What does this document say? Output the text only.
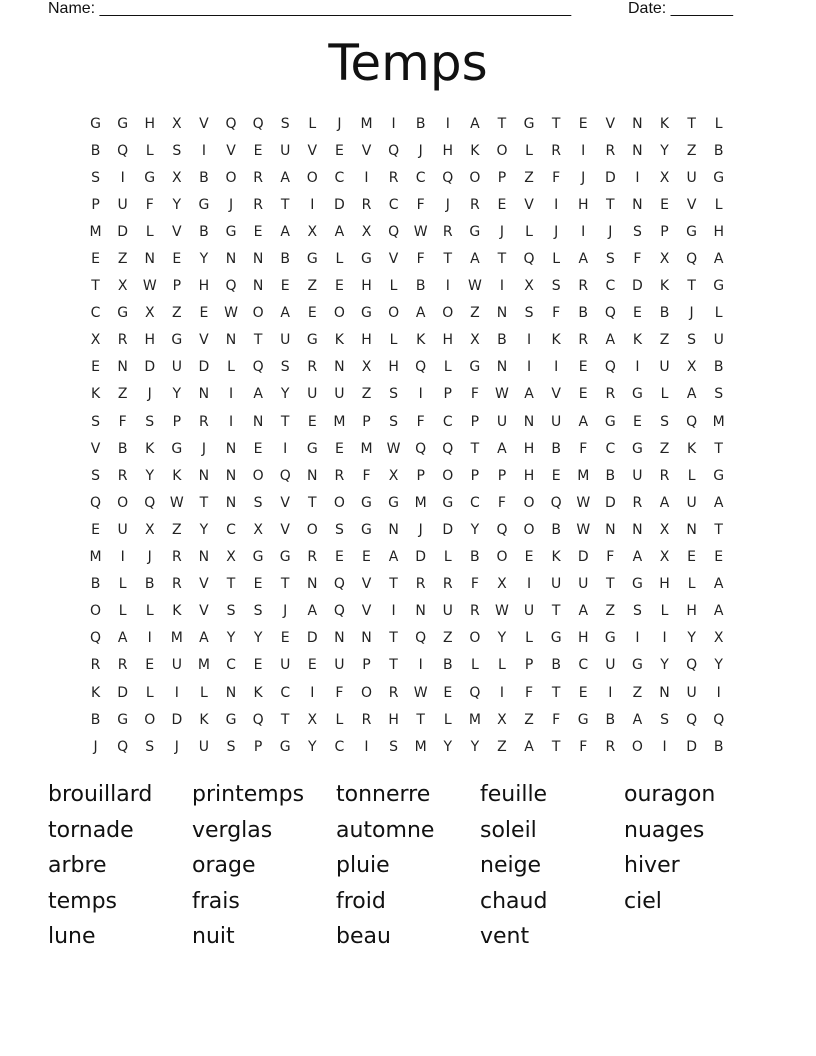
Name: _____________________________________________________	Date: _______
Temps
G	G	H	X	V	Q	Q	S	L	J	M	I	B	I	A	T	G	T	E	V	N	K	T	L
B	Q	L	S	I	V	E	U	V	E	V	Q	J	H	K	O	L	R	I	R	N	Y	Z	B
S	I	G	X	B	O	R	A	O	C	I	R	C	Q	O	P	Z	F	J	D	I	X	U	G
P	U	F	Y	G	J	R	T	I	D	R	C	F	J	R	E	V	I	H	T	N	E	V	L
M	D	L	V	B	G	E	A	X	A	X	Q	W	R	G	J	L	J	I	J	S	P	G	H
E	Z	N	E	Y	N	N	B	G	L	G	V	F	T	A	T	Q	L	A	S	F	X	Q	A
T	X	W	P	H	Q	N	E	Z	E	H	L	B	I	W	I	X	S	R	C	D	K	T	G
C	G	X	Z	E	W	O	A	E	O	G	O	A	O	Z	N	S	F	B	Q	E	B	J	L
X	R	H	G	V	N	T	U	G	K	H	L	K	H	X	B	I	K	R	A	K	Z	S	U
E	N	D	U	D	L	Q	S	R	N	X	H	Q	L	G	N	I	I	E	Q	I	U	X	B
K	Z	J	Y	N	I	A	Y	U	U	Z	S	I	P	F	W	A	V	E	R	G	L	A	S
S	F	S	P	R	I	N	T	E	M	P	S	F	C	P	U	N	U	A	G	E	S	Q	M
V	B	K	G	J	N	E	I	G	E	M	W	Q	Q	T	A	H	B	F	C	G	Z	K	T
S	R	Y	K	N	N	O	Q	N	R	F	X	P	O	P	P	H	E	M	B	U	R	L	G
Q	O	Q	W	T	N	S	V	T	O	G	G	M	G	C	F	O	Q	W	D	R	A	U	A
E	U	X	Z	Y	C	X	V	O	S	G	N	J	D	Y	Q	O	B	W	N	N	X	N	T
M	I	J	R	N	X	G	G	R	E	E	A	D	L	B	O	E	K	D	F	A	X	E	E
B	L	B	R	V	T	E	T	N	Q	V	T	R	R	F	X	I	U	U	T	G	H	L	A
O	L	L	K	V	S	S	J	A	Q	V	I	N	U	R	W	U	T	A	Z	S	L	H	A
Q	A	I	M	A	Y	Y	E	D	N	N	T	Q	Z	O	Y	L	G	H	G	I	I	Y	X
R	R	E	U	M	C	E	U	E	U	P	T	I	B	L	L	P	B	C	U	G	Y	Q	Y
K	D	L	I	L	N	K	C	I	F	O	R	W	E	Q	I	F	T	E	I	Z	N	U	I
B	G	O	D	K	G	Q	T	X	L	R	H	T	L	M	X	Z	F	G	B	A	S	Q	Q
J	Q	S	J	U	S	P	G	Y	C	I	S	M	Y	Y	Z	A	T	F	R	O	I	D	B
brouillard	printemps	tonnerre	feuille	ouragon
tornade	verglas	automne	soleil	nuages
arbre	orage	pluie	neige	hiver
temps	frais	froid	chaud	ciel
lune	nuit	beau	vent
